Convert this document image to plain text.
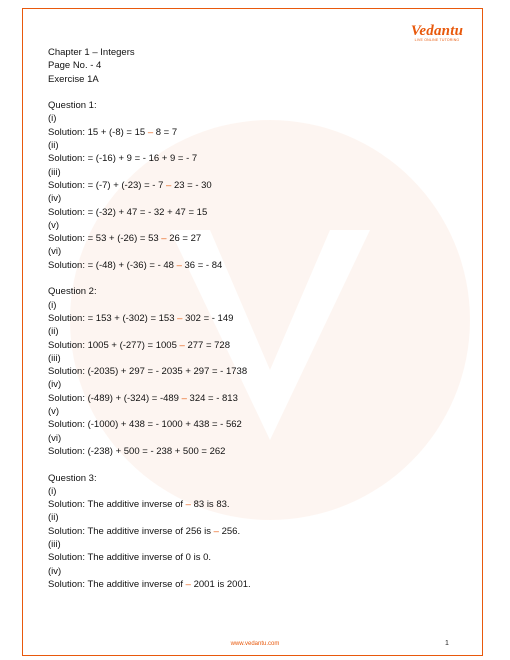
Vedantu
LIVE ONLINE TUTORING
Chapter 1 – Integers
Page No. - 4
Exercise 1A
Question 1:
(i)
Solution: 15 + (-8) = 15 – 8 = 7
(ii)
Solution: = (-16) + 9 = - 16 + 9 = - 7
(iii)
Solution: = (-7) + (-23) = - 7 – 23 = - 30
(iv)
Solution: = (-32) + 47 = - 32 + 47 = 15
(v)
Solution: = 53 + (-26) = 53 – 26 = 27
(vi)
Solution: = (-48) + (-36) = - 48 – 36 = - 84
Question 2:
(i)
Solution: = 153 + (-302) = 153 – 302 = - 149
(ii)
Solution: 1005 + (-277) = 1005 – 277 = 728
(iii)
Solution: (-2035) + 297 = - 2035 + 297 = - 1738
(iv)
Solution: (-489) + (-324) = -489 – 324 = - 813
(v)
Solution: (-1000) + 438 = - 1000 + 438 = - 562
(vi)
Solution: (-238) + 500 = - 238 + 500 = 262
Question 3:
(i)
Solution: The additive inverse of – 83 is 83.
(ii)
Solution: The additive inverse of 256 is – 256.
(iii)
Solution: The additive inverse of 0 is 0.
(iv)
Solution: The additive inverse of – 2001 is 2001.
www.vedantu.com	1
